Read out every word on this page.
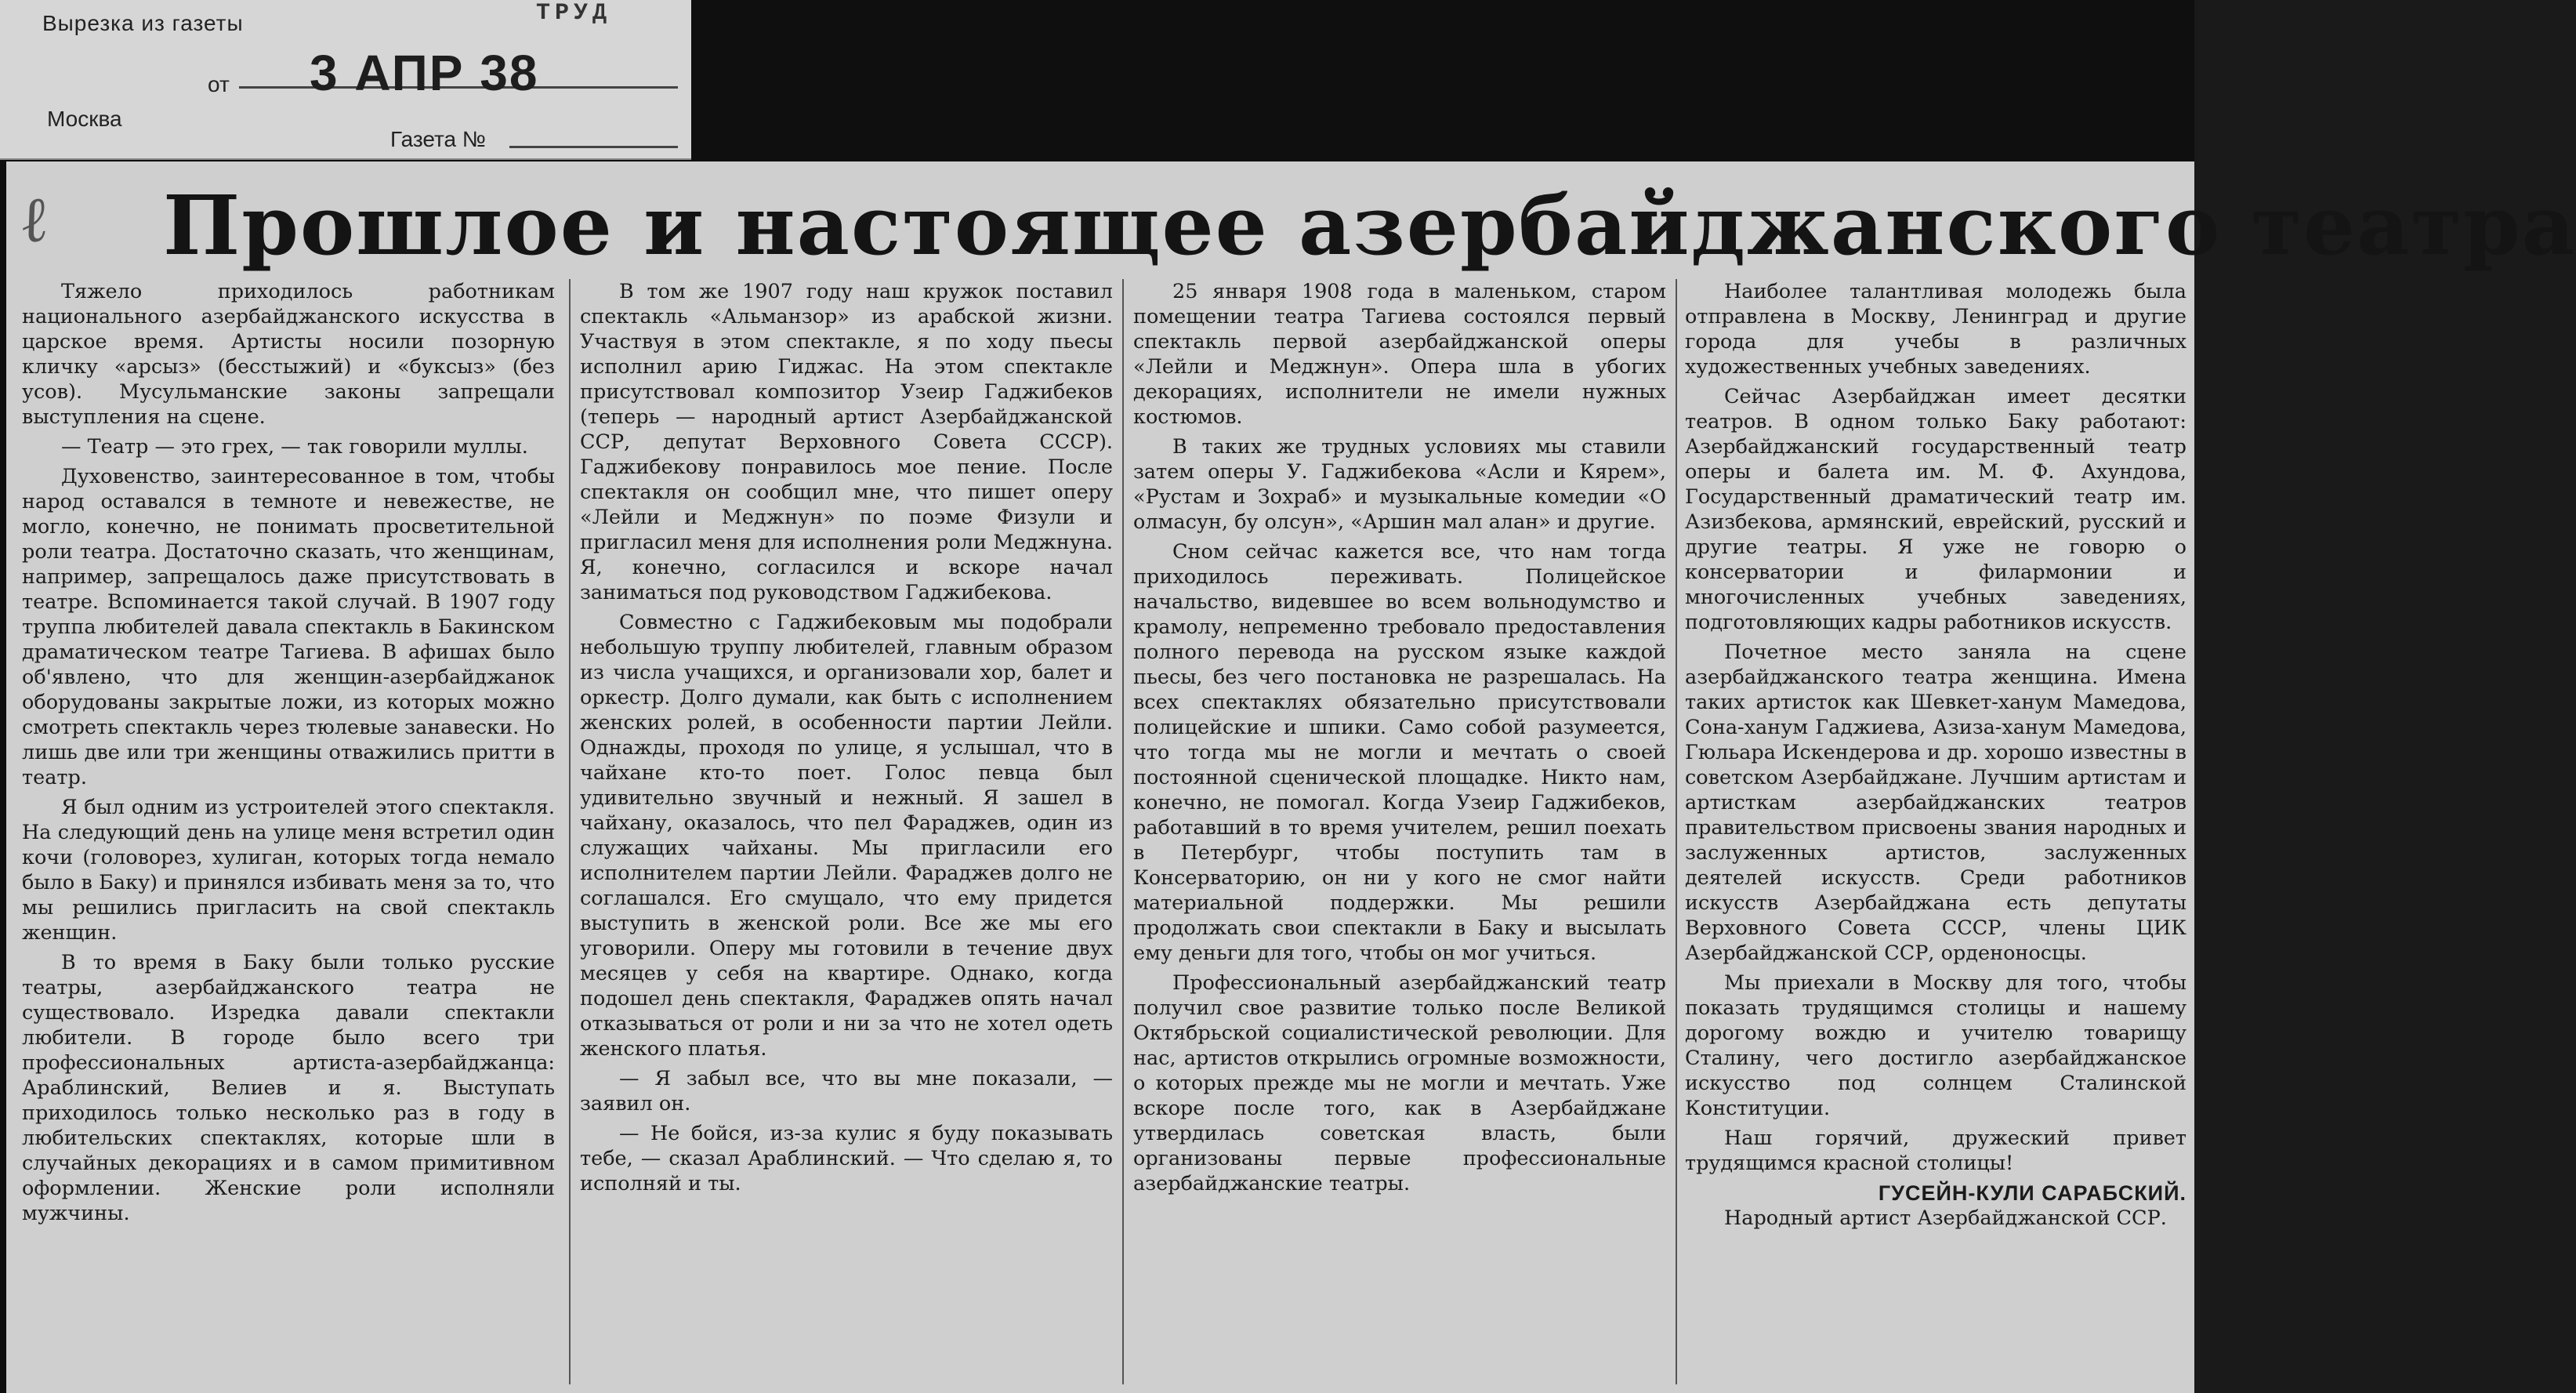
Вырезка из газеты	ТРУД
от 3 АПР 38
Москва
Газета №
ℓ Прошлое и настоящее азербайджанского театра

Тяжело приходилось работникам национального азербайджанского искусства в царское время. Артисты носили позорную кличку «арсыз» (бесстыжий) и «буксыз» (без усов). Мусульманские законы запрещали выступления на сцене.

— Театр — это грех, — так говорили муллы.

Духовенство, заинтересованное в том, чтобы народ оставался в темноте и невежестве, не могло, конечно, не понимать просветительной роли театра. Достаточно сказать, что женщинам, например, запрещалось даже присутствовать в театре. Вспоминается такой случай. В 1907 году труппа любителей давала спектакль в Бакинском драматическом театре Тагиева. В афишах было об'явлено, что для женщин-азербайджанок оборудованы закрытые ложи, из которых можно смотреть спектакль через тюлевые занавески. Но лишь две или три женщины отважились притти в театр.

Я был одним из устроителей этого спектакля. На следующий день на улице меня встретил один кочи (головорез, хулиган, которых тогда немало было в Баку) и принялся избивать меня за то, что мы решились пригласить на свой спектакль женщин.

В то время в Баку были только русские театры, азербайджанского театра не существовало. Изредка давали спектакли любители. В городе было всего три профессиональных артиста-азербайджанца: Араблинский, Велиев и я. Выступать приходилось только несколько раз в году в любительских спектаклях, которые шли в случайных декорациях и в самом примитивном оформлении. Женские роли исполняли мужчины.

В том же 1907 году наш кружок поставил спектакль «Альманзор» из арабской жизни. Участвуя в этом спектакле, я по ходу пьесы исполнил арию Гиджас. На этом спектакле присутствовал композитор Узеир Гаджибеков (теперь — народный артист Азербайджанской ССР, депутат Верховного Совета СССР). Гаджибекову понравилось мое пение. После спектакля он сообщил мне, что пишет оперу «Лейли и Меджнун» по поэме Физули и пригласил меня для исполнения роли Меджнуна. Я, конечно, согласился и вскоре начал заниматься под руководством Гаджибекова.

Совместно с Гаджибековым мы подобрали небольшую труппу любителей, главным образом из числа учащихся, и организовали хор, балет и оркестр. Долго думали, как быть с исполнением женских ролей, в особенности партии Лейли. Однажды, проходя по улице, я услышал, что в чайхане кто-то поет. Голос певца был удивительно звучный и нежный. Я зашел в чайхану, оказалось, что пел Фараджев, один из служащих чайханы. Мы пригласили его исполнителем партии Лейли. Фараджев долго не соглашался. Его смущало, что ему придется выступить в женской роли. Все же мы его уговорили. Оперу мы готовили в течение двух месяцев у себя на квартире. Однако, когда подошел день спектакля, Фараджев опять начал отказываться от роли и ни за что не хотел одеть женского платья.

— Я забыл все, что вы мне показали, — заявил он.

— Не бойся, из-за кулис я буду показывать тебе, — сказал Араблинский. — Что сделаю я, то исполняй и ты.

25 января 1908 года в маленьком, старом помещении театра Тагиева состоялся первый спектакль первой азербайджанской оперы «Лейли и Меджнун». Опера шла в убогих декорациях, исполнители не имели нужных костюмов.

В таких же трудных условиях мы ставили затем оперы У. Гаджибекова «Асли и Кярем», «Рустам и Зохраб» и музыкальные комедии «О олмасун, бу олсун», «Аршин мал алан» и другие.

Сном сейчас кажется все, что нам тогда приходилось переживать. Полицейское начальство, видевшее во всем вольнодумство и крамолу, непременно требовало предоставления полного перевода на русском языке каждой пьесы, без чего постановка не разрешалась. На всех спектаклях обязательно присутствовали полицейские и шпики. Само собой разумеется, что тогда мы не могли и мечтать о своей постоянной сценической площадке. Никто нам, конечно, не помогал. Когда Узеир Гаджибеков, работавший в то время учителем, решил поехать в Петербург, чтобы поступить там в Консерваторию, он ни у кого не смог найти материальной поддержки. Мы решили продолжать свои спектакли в Баку и высылать ему деньги для того, чтобы он мог учиться.

Профессиональный азербайджанский театр получил свое развитие только после Великой Октябрьской социалистической революции. Для нас, артистов открылись огромные возможности, о которых прежде мы не могли и мечтать. Уже вскоре после того, как в Азербайджане утвердилась советская власть, были организованы первые профессиональные азербайджанские театры.

Наиболее талантливая молодежь была отправлена в Москву, Ленинград и другие города для учебы в различных художественных учебных заведениях.

Сейчас Азербайджан имеет десятки театров. В одном только Баку работают: Азербайджанский государственный театр оперы и балета им. М. Ф. Ахундова, Государственный драматический театр им. Азизбекова, армянский, еврейский, русский и другие театры. Я уже не говорю о консерватории и филармонии и многочисленных учебных заведениях, подготовляющих кадры работников искусств.

Почетное место заняла на сцене азербайджанского театра женщина. Имена таких артисток как Шевкет-ханум Мамедова, Сона-ханум Гаджиева, Азиза-ханум Мамедова, Гюльара Искендерова и др. хорошо известны в советском Азербайджане. Лучшим артистам и артисткам азербайджанских театров правительством присвоены звания народных и заслуженных артистов, заслуженных деятелей искусств. Среди работников искусств Азербайджана есть депутаты Верховного Совета СССР, члены ЦИК Азербайджанской ССР, орденоносцы.

Мы приехали в Москву для того, чтобы показать трудящимся столицы и нашему дорогому вождю и учителю товарищу Сталину, чего достигло азербайджанское искусство под солнцем Сталинской Конституции.

Наш горячий, дружеский привет трудящимся красной столицы!

ГУСЕЙН-КУЛИ САРАБСКИЙ.

Народный артист Азербайджанской ССР.
